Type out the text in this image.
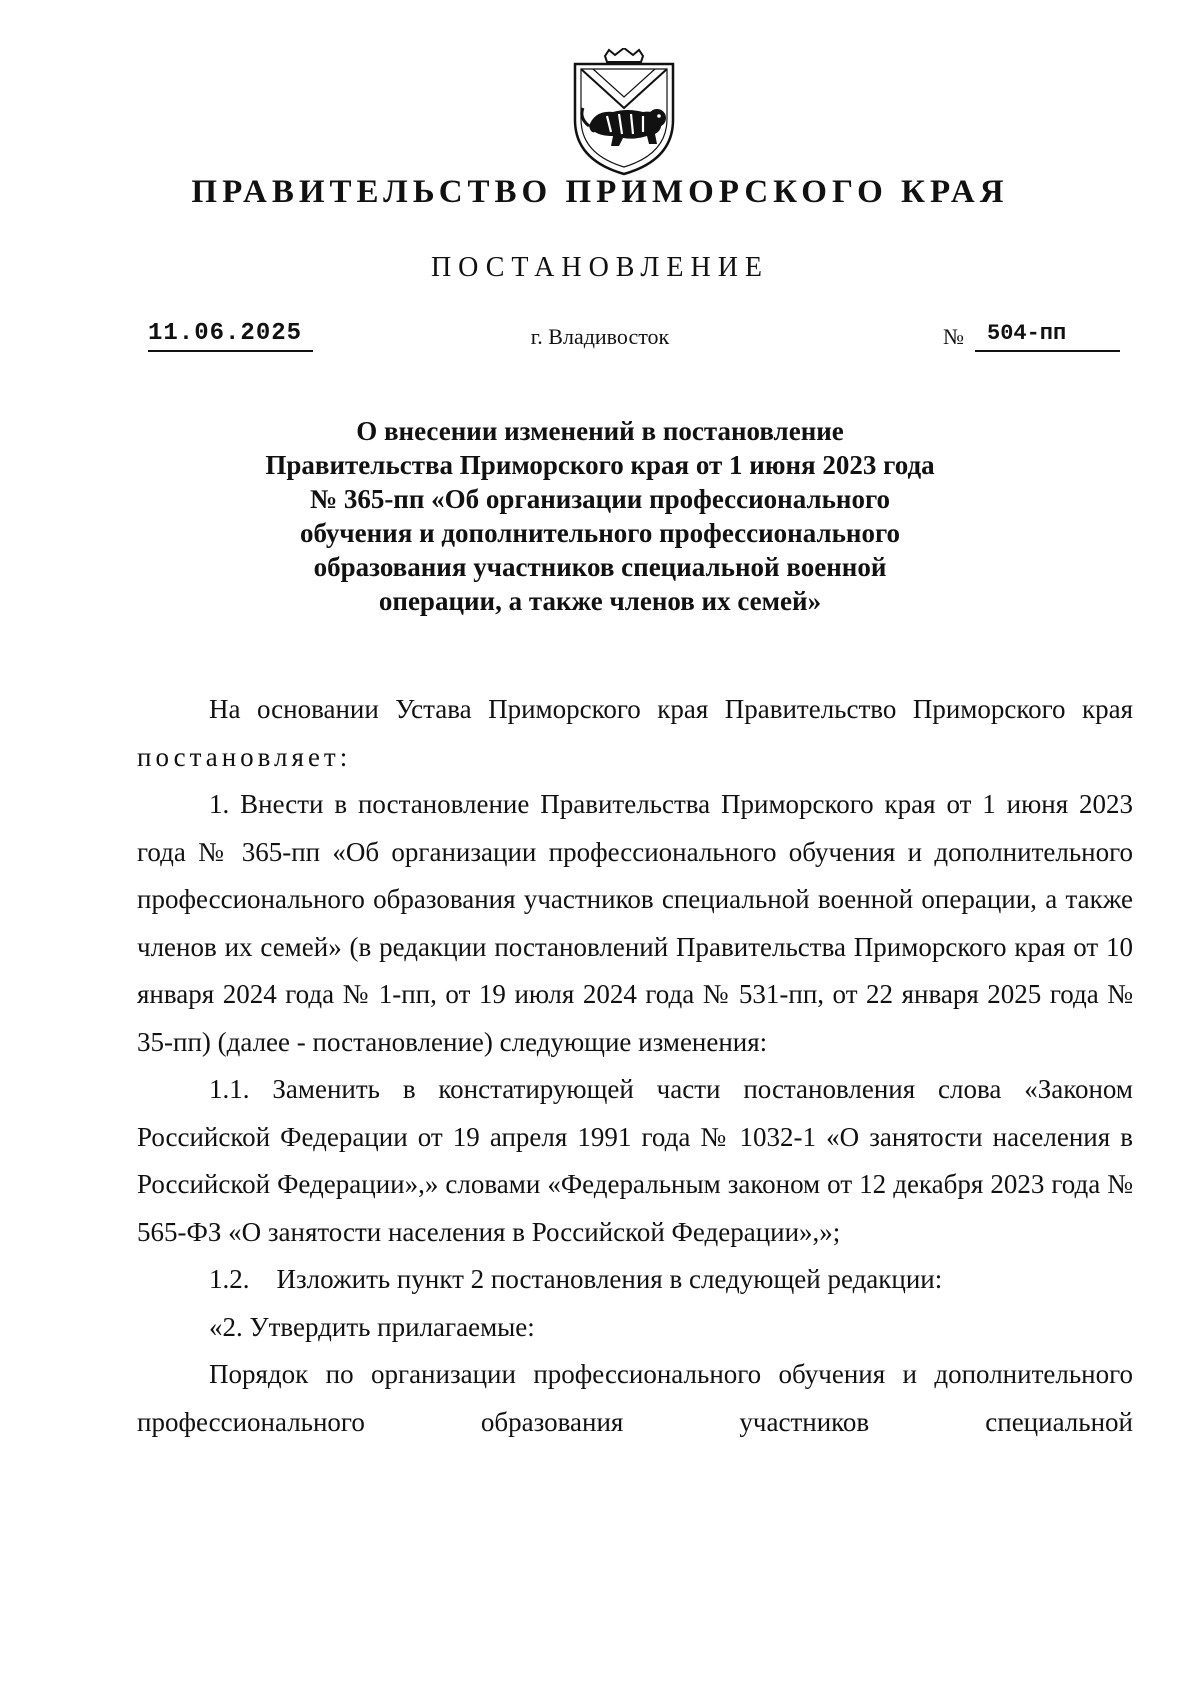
ПРАВИТЕЛЬСТВО ПРИМОРСКОГО КРАЯ
ПОСТАНОВЛЕНИЕ
11.06.2025	г. Владивосток	№	504-пп
О внесении изменений в постановление
Правительства Приморского края от 1 июня 2023 года
№ 365-пп «Об организации профессионального
обучения и дополнительного профессионального
образования участников специальной военной
операции, а также членов их семей»

На основании Устава Приморского края Правительство Приморского края постановляет:

1. Внести в постановление Правительства Приморского края от 1 июня 2023 года № 365-пп «Об организации профессионального обучения и дополнительного профессионального образования участников специальной военной операции, а также членов их семей» (в редакции постановлений Правительства Приморского края от 10 января 2024 года № 1-пп, от 19 июля 2024 года № 531-пп, от 22 января 2025 года № 35-пп) (далее - постановление) следующие изменения:

1.1. Заменить в констатирующей части постановления слова «Законом Российской Федерации от 19 апреля 1991 года № 1032-1 «О занятости населения в Российской Федерации»,» словами «Федеральным законом от 12 декабря 2023 года № 565-ФЗ «О занятости населения в Российской Федерации»,»;

1.2.    Изложить пункт 2 постановления в следующей редакции:

«2. Утвердить прилагаемые:

Порядок по организации профессионального обучения и дополнительного профессионального образования участников специальной
